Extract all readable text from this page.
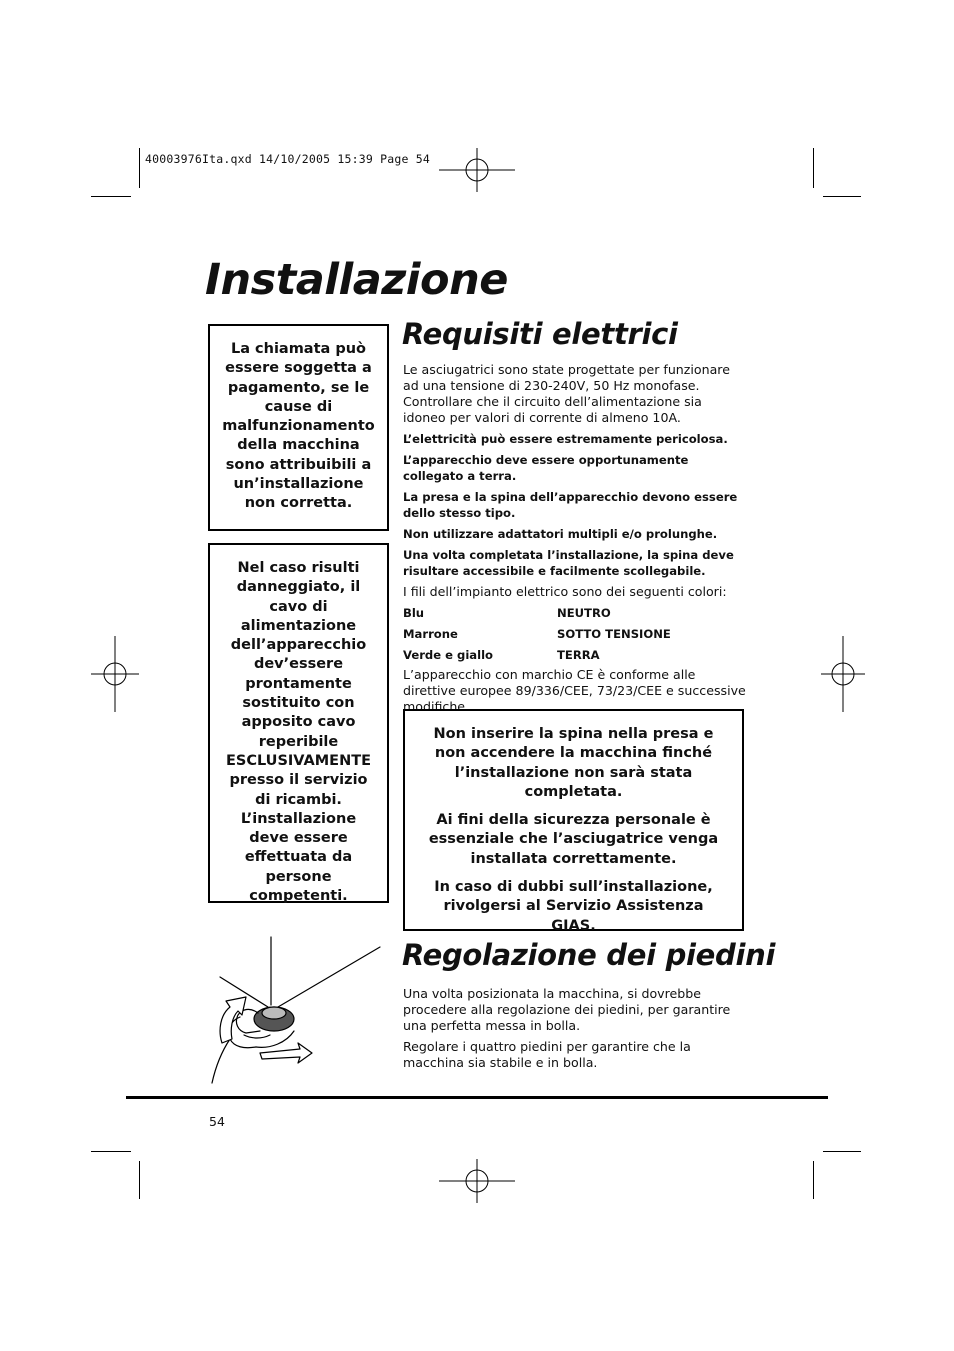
40003976Ita.qxd 14/10/2005 15:39 Page 54
Installazione
La chiamata può essere soggetta a pagamento, se le cause di malfunzionamento della macchina sono attribuibili a un’installazione non corretta.
Nel caso risulti danneggiato, il cavo di alimentazione dell’apparecchio dev’essere prontamente sostituito con apposito cavo reperibile ESCLUSIVAMENTE presso il servizio di ricambi. L’installazione deve essere effettuata da persone competenti.
Requisiti elettrici

Le asciugatrici sono state progettate per funzionare ad una tensione di 230-240V, 50 Hz monofase. Controllare che il circuito dell’alimentazione sia idoneo per valori di corrente di almeno 10A.

L’elettricità può essere estremamente pericolosa.

L’apparecchio deve essere opportunamente collegato a terra.

La presa e la spina dell’apparecchio devono essere dello stesso tipo.

Non utilizzare adattatori multipli e/o prolunghe.

Una volta completata l’installazione, la spina deve risultare accessibile e facilmente scollegabile.

I fili dell’impianto elettrico sono dei seguenti colori:

Blu	NEUTRO
Marrone	SOTTO TENSIONE
Verde e giallo	TERRA

L’apparecchio con marchio CE è conforme alle direttive europee 89/336/CEE, 73/23/CEE e successive modifiche.

Non inserire la spina nella presa e non accendere la macchina finché l’installazione non sarà stata completata.

Ai fini della sicurezza personale è essenziale che l’asciugatrice venga installata correttamente.

In caso di dubbi sull’installazione, rivolgersi al Servizio Assistenza GIAS.

Regolazione dei piedini

Una volta posizionata la macchina, si dovrebbe procedere alla regolazione dei piedini, per garantire una perfetta messa in bolla.

Regolare i quattro piedini per garantire che la macchina sia stabile e in bolla.

54
